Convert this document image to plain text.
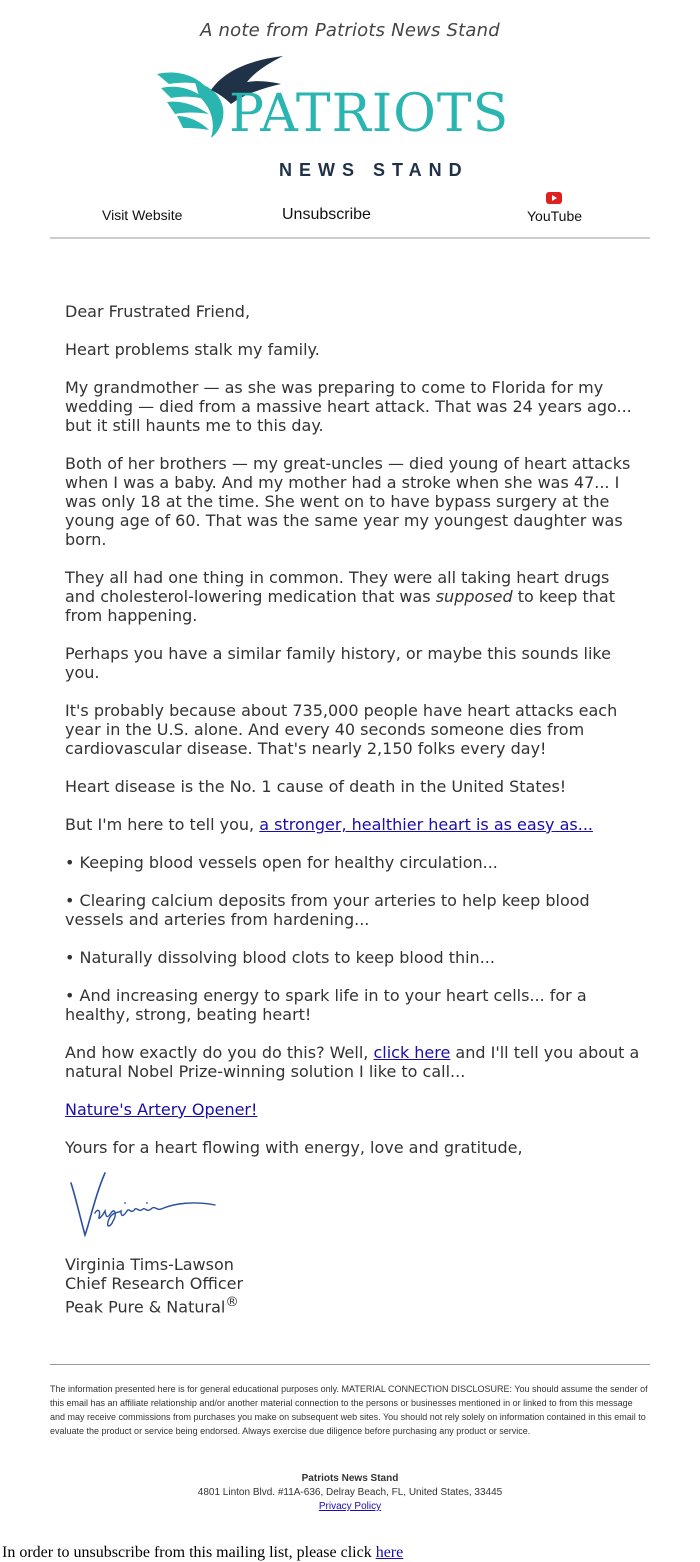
A note from Patriots News Stand
PATRIOTS
NEWS STAND
Visit Website	Unsubscribe	YouTube

Dear Frustrated Friend,

Heart problems stalk my family.

My grandmother — as she was preparing to come to Florida for my wedding — died from a massive heart attack. That was 24 years ago... but it still haunts me to this day.

Both of her brothers — my great-uncles — died young of heart attacks when I was a baby. And my mother had a stroke when she was 47... I was only 18 at the time. She went on to have bypass surgery at the young age of 60. That was the same year my youngest daughter was born.

They all had one thing in common. They were all taking heart drugs and cholesterol-lowering medication that was supposed to keep that from happening.

Perhaps you have a similar family history, or maybe this sounds like you.

It's probably because about 735,000 people have heart attacks each year in the U.S. alone. And every 40 seconds someone dies from cardiovascular disease. That's nearly 2,150 folks every day!

Heart disease is the No. 1 cause of death in the United States!

But I'm here to tell you, a stronger, healthier heart is as easy as...

• Keeping blood vessels open for healthy circulation...

• Clearing calcium deposits from your arteries to help keep blood vessels and arteries from hardening...

• Naturally dissolving blood clots to keep blood thin...

• And increasing energy to spark life in to your heart cells... for a healthy, strong, beating heart!

And how exactly do you do this? Well, click here and I'll tell you about a natural Nobel Prize-winning solution I like to call...

Nature's Artery Opener!

Yours for a heart flowing with energy, love and gratitude,

Virginia Tims-Lawson

Chief Research Officer

Peak Pure & Natural®

The information presented here is for general educational purposes only. MATERIAL CONNECTION DISCLOSURE: You should assume the sender of this email has an affiliate relationship and/or another material connection to the persons or businesses mentioned in or linked to from this message and may receive commissions from purchases you make on subsequent web sites. You should not rely solely on information contained in this email to evaluate the product or service being endorsed. Always exercise due diligence before purchasing any product or service.
Patriots News Stand
4801 Linton Blvd. #11A-636, Delray Beach, FL, United States, 33445
Privacy Policy
In order to unsubscribe from this mailing list, please click here
